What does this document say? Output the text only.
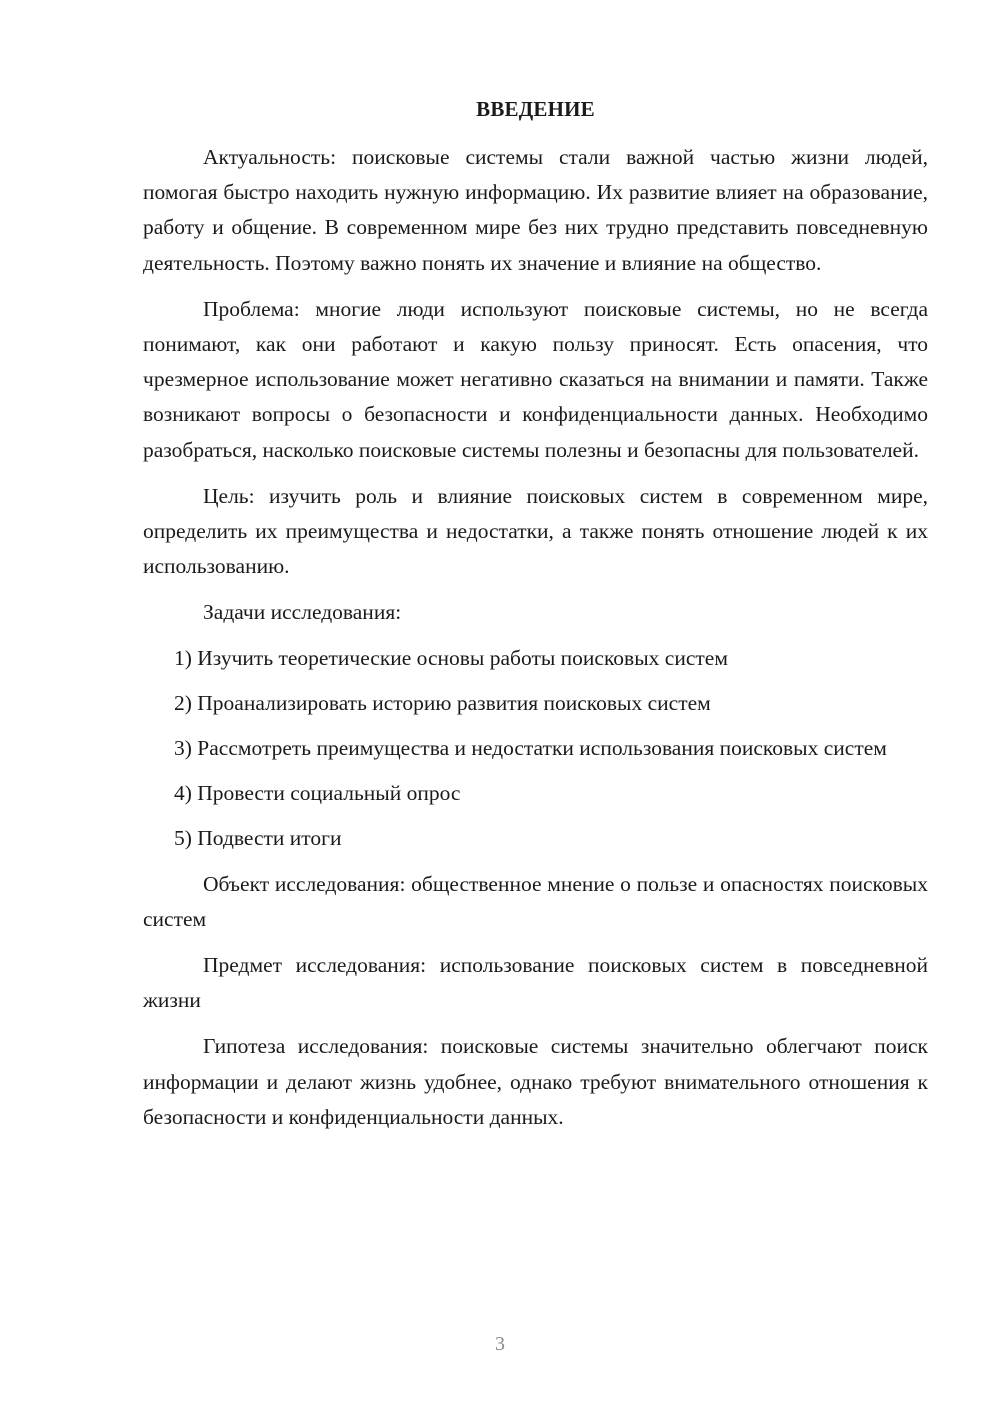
ВВЕДЕНИЕ

Актуальность: поисковые системы стали важной частью жизни людей, помогая быстро находить нужную информацию. Их развитие влияет на образование, работу и общение. В современном мире без них трудно представить повседневную деятельность. Поэтому важно понять их значение и влияние на общество.

Проблема: многие люди используют поисковые системы, но не всегда понимают, как они работают и какую пользу приносят. Есть опасения, что чрезмерное использование может негативно сказаться на внимании и памяти. Также возникают вопросы о безопасности и конфиденциальности данных. Необходимо разобраться, насколько поисковые системы полезны и безопасны для пользователей.

Цель: изучить роль и влияние поисковых систем в современном мире, определить их преимущества и недостатки, а также понять отношение людей к их использованию.

Задачи исследования:

1) Изучить теоретические основы работы поисковых систем

2) Проанализировать историю развития поисковых систем

3) Рассмотреть преимущества и недостатки использования поисковых систем

4) Провести социальный опрос

5) Подвести итоги

Объект исследования: общественное мнение о пользе и опасностях поисковых систем

Предмет исследования: использование поисковых систем в повседневной жизни

Гипотеза исследования: поисковые системы значительно облегчают поиск информации и делают жизнь удобнее, однако требуют внимательного отношения к безопасности и конфиденциальности данных.

3
